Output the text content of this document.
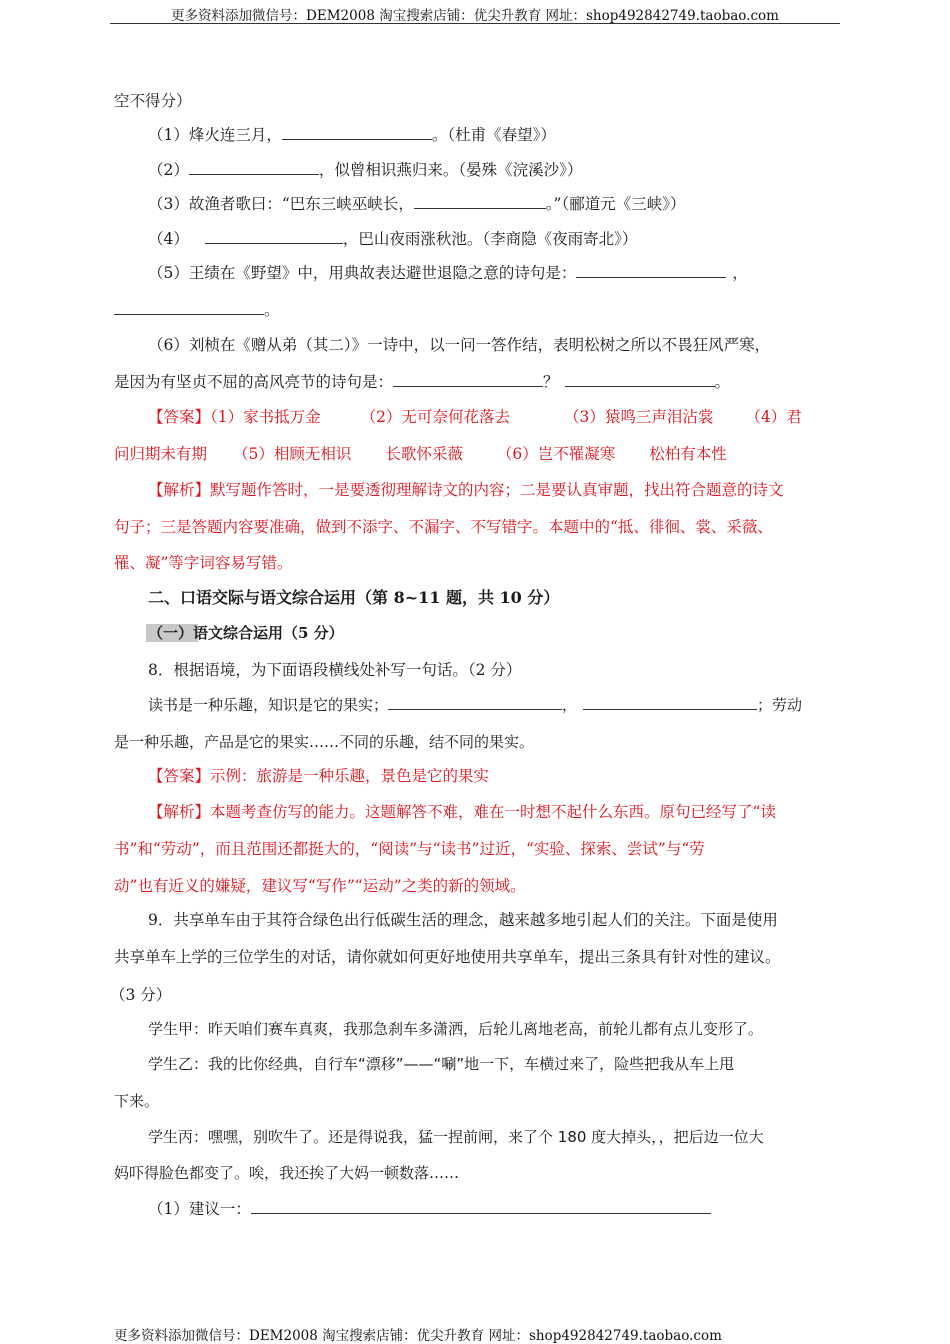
更多资料添加微信号：DEM2008 淘宝搜索店铺：优尖升教育 网址：shop492842749.taobao.com
空不得分）
（1）烽火连三月，	。（杜甫《春望》）
（2）	，似曾相识燕归来。（晏殊《浣溪沙》）
（3）故渔者歌曰：“巴东三峡巫峡长，	。”（郦道元《三峡》）
（4）	，巴山夜雨涨秋池。（李商隐《夜雨寄北》）
（5）王绩在《野望》中，用典故表达避世退隐之意的诗句是：	，
。
（6）刘桢在《赠从弟（其二）》一诗中，以一问一答作结，表明松树之所以不畏狂风严寒，
是因为有坚贞不屈的高风亮节的诗句是：	？	。
【答案】（1）家书抵万金	（2）无可奈何花落去	（3）猿鸣三声泪沾裳 （4）君
问归期未有期 （5）相顾无相识 长歌怀采薇 （6）岂不罹凝寒 松柏有本性
【解析】默写题作答时，一是要透彻理解诗文的内容；二是要认真审题，找出符合题意的诗文
句子；三是答题内容要准确，做到不添字、不漏字、不写错字。本题中的“抵、徘徊、裳、采薇、
罹、凝”等字词容易写错。
二、口语交际与语文综合运用（第 8~11 题，共 10 分）
（一）语文综合运用（5 分）
8．根据语境，为下面语段横线处补写一句话。（2 分）
读书是一种乐趣，知识是它的果实；	，	；劳动
是一种乐趣，产品是它的果实……不同的乐趣，结不同的果实。
【答案】示例：旅游是一种乐趣，景色是它的果实
【解析】本题考查仿写的能力。这题解答不难，难在一时想不起什么东西。原句已经写了“读
书”和“劳动”，而且范围还都挺大的，“阅读”与“读书”过近，“实验、探索、尝试”与“劳
动”也有近义的嫌疑，建议写“写作”“运动”之类的新的领域。
9．共享单车由于其符合绿色出行低碳生活的理念，越来越多地引起人们的关注。下面是使用
共享单车上学的三位学生的对话，请你就如何更好地使用共享单车，提出三条具有针对性的建议。
（3 分）
学生甲：昨天咱们赛车真爽，我那急刹车多潇洒，后轮儿离地老高，前轮儿都有点儿变形了。
学生乙：我的比你经典，自行车“漂移”——“唰”地一下，车横过来了，险些把我从车上甩
下来。
学生丙：嘿嘿，别吹牛了。还是得说我，猛一捏前闸，来了个 180 度大掉头，，把后边一位大
妈吓得脸色都变了。唉，我还挨了大妈一顿数落……
（1）建议一：
更多资料添加微信号：DEM2008 淘宝搜索店铺：优尖升教育 网址：shop492842749.taobao.com
